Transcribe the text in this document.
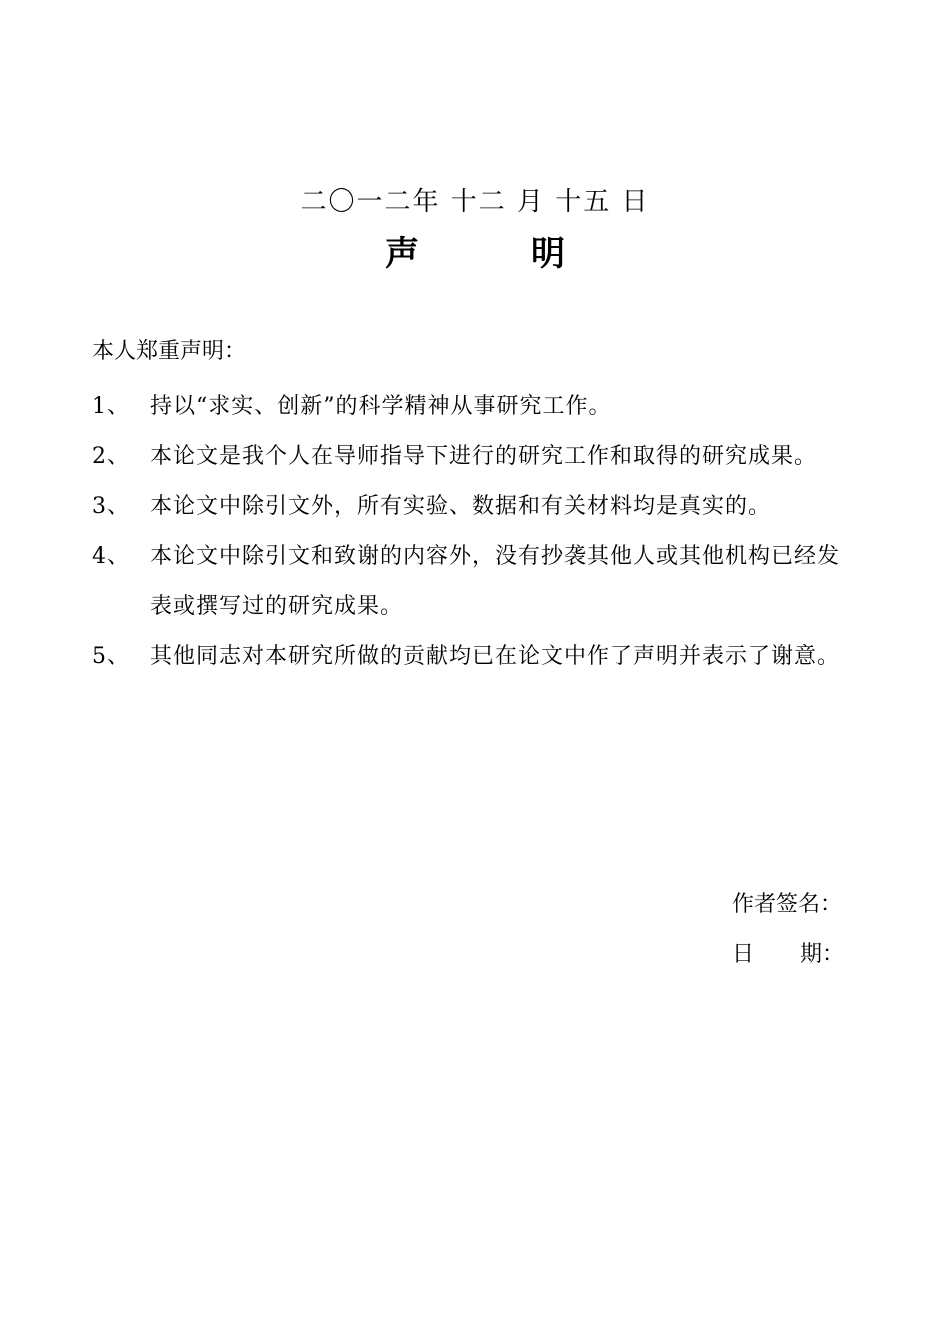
二〇一二年 十二 月 十五 日
声	明
本人郑重声明：
1、 持以“求实、创新”的科学精神从事研究工作。
2、 本论文是我个人在导师指导下进行的研究工作和取得的研究成果。
3、 本论文中除引文外，所有实验、数据和有关材料均是真实的。
4、 本论文中除引文和致谢的内容外，没有抄袭其他人或其他机构已经发表或撰写过的研究成果。
5、 其他同志对本研究所做的贡献均已在论文中作了声明并表示了谢意。
作者签名：
日 期：
